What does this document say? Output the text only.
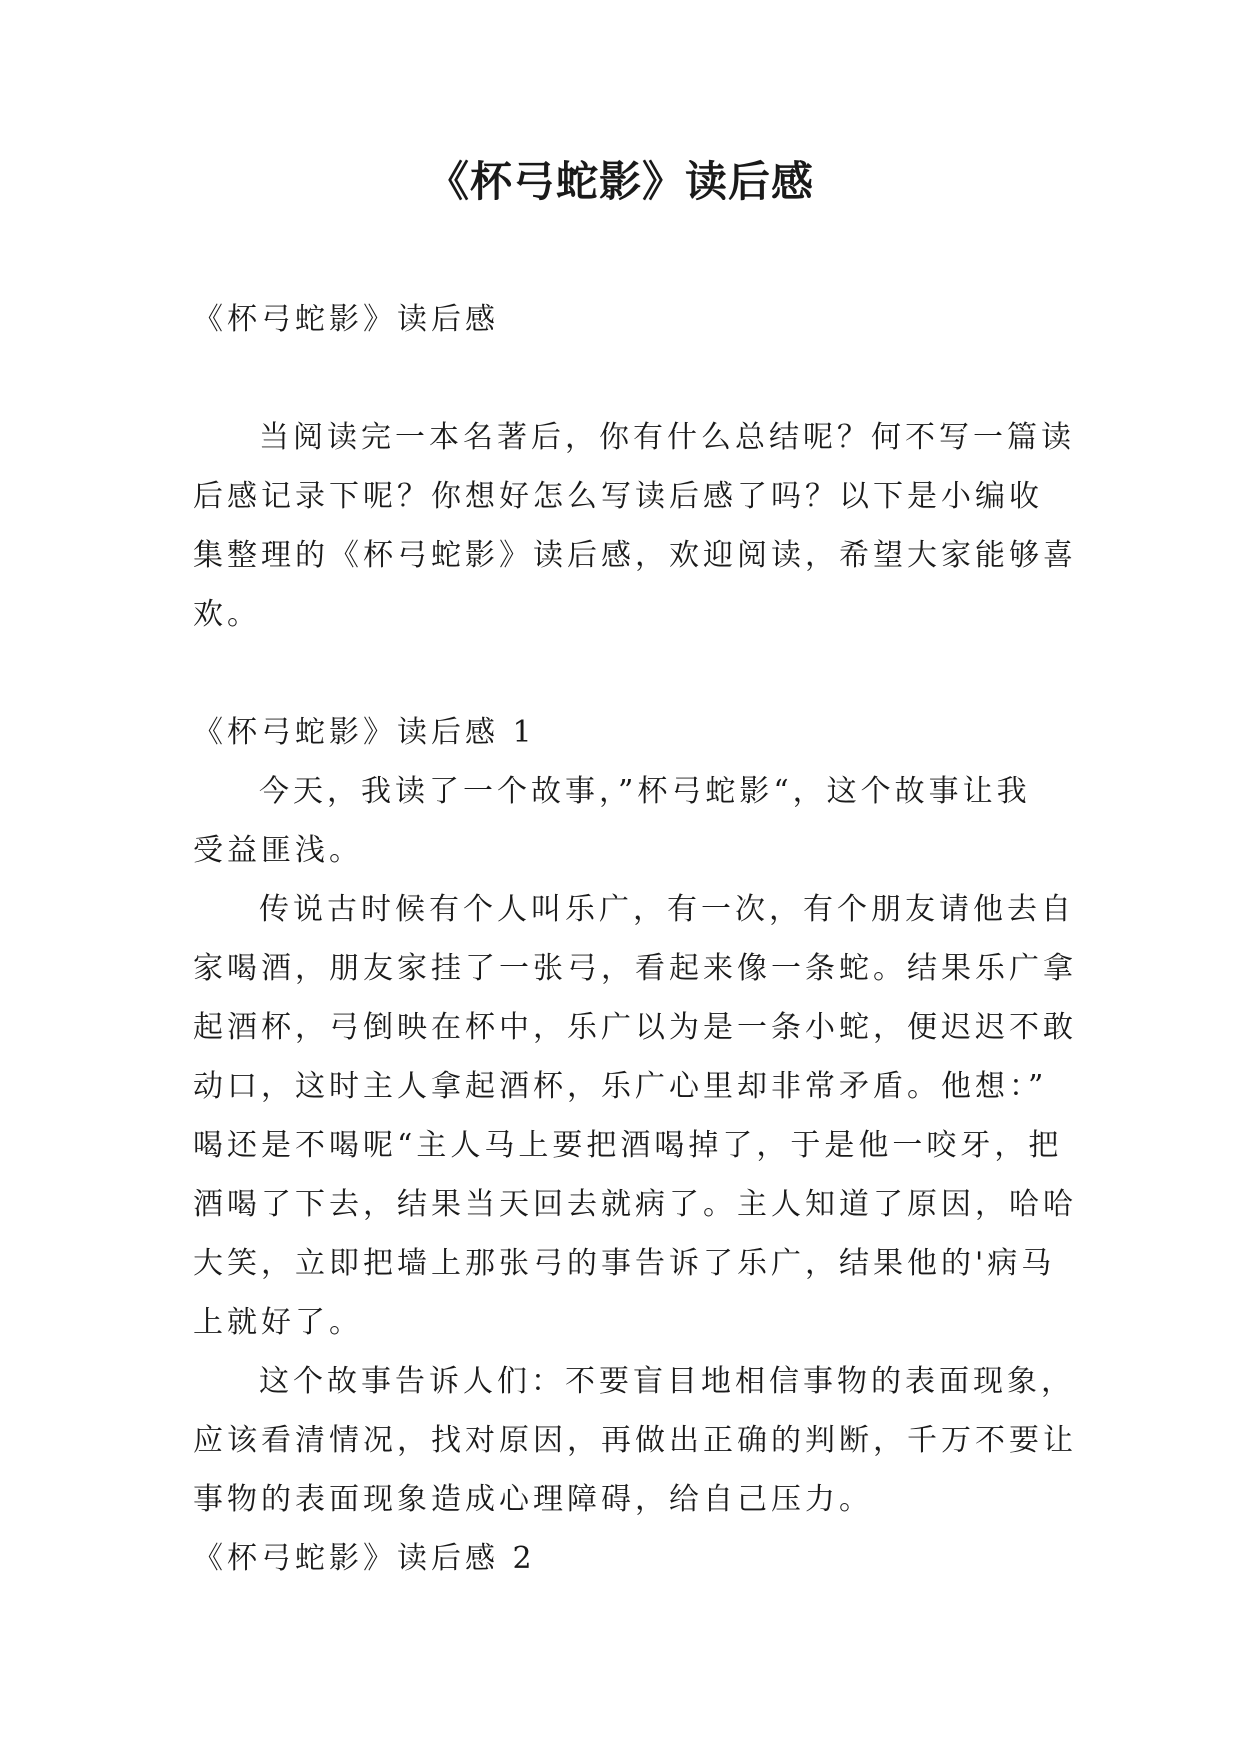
《杯弓蛇影》读后感

《杯弓蛇影》读后感

当阅读完一本名著后，你有什么总结呢？何不写一篇读

后感记录下呢？你想好怎么写读后感了吗？以下是小编收

集整理的《杯弓蛇影》读后感，欢迎阅读，希望大家能够喜

欢。

《杯弓蛇影》读后感 1

今天，我读了一个故事，”杯弓蛇影“，这个故事让我

受益匪浅。

传说古时候有个人叫乐广，有一次，有个朋友请他去自

家喝酒，朋友家挂了一张弓，看起来像一条蛇。结果乐广拿

起酒杯，弓倒映在杯中，乐广以为是一条小蛇，便迟迟不敢

动口，这时主人拿起酒杯，乐广心里却非常矛盾。他想：”

喝还是不喝呢“主人马上要把酒喝掉了，于是他一咬牙，把

酒喝了下去，结果当天回去就病了。主人知道了原因，哈哈

大笑，立即把墙上那张弓的事告诉了乐广，结果他的'病马

上就好了。

这个故事告诉人们：不要盲目地相信事物的表面现象，

应该看清情况，找对原因，再做出正确的判断，千万不要让

事物的表面现象造成心理障碍，给自己压力。

《杯弓蛇影》读后感 2
